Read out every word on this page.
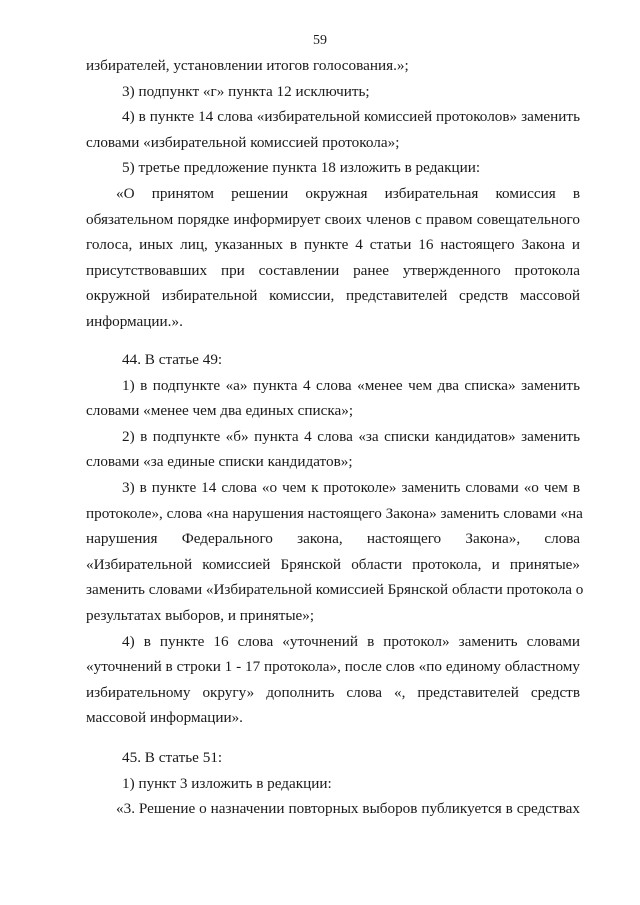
59
избирателей, установлении итогов голосования.»;
3) подпункт «г» пункта 12 исключить;
4) в пункте 14 слова «избирательной комиссией протоколов» заменить
словами «избирательной комиссией протокола»;
5) третье предложение пункта 18 изложить в редакции:
«О принятом решении окружная избирательная комиссия в
обязательном порядке информирует своих членов с правом совещательного
голоса, иных лиц, указанных в пункте 4 статьи 16 настоящего Закона и
присутствовавших при составлении ранее утвержденного протокола
окружной избирательной комиссии, представителей средств массовой
информации.».
44. В статье 49:
1) в подпункте «а» пункта 4 слова «менее чем два списка» заменить
словами «менее чем два единых списка»;
2) в подпункте «б» пункта 4 слова «за списки кандидатов» заменить
словами «за единые списки кандидатов»;
3) в пункте 14 слова «о чем к протоколе» заменить словами «о чем в
протоколе», слова «на нарушения настоящего Закона» заменить словами «на
нарушения Федерального закона, настоящего Закона», слова
«Избирательной комиссией Брянской области протокола, и принятые»
заменить словами «Избирательной комиссией Брянской области протокола о
результатах выборов, и принятые»;
4) в пункте 16 слова «уточнений в протокол» заменить словами
«уточнений в строки 1 - 17 протокола», после слов «по единому областному
избирательному округу» дополнить слова «, представителей средств
массовой информации».
45. В статье 51:
1) пункт 3 изложить в редакции:
«3. Решение о назначении повторных выборов публикуется в средствах
